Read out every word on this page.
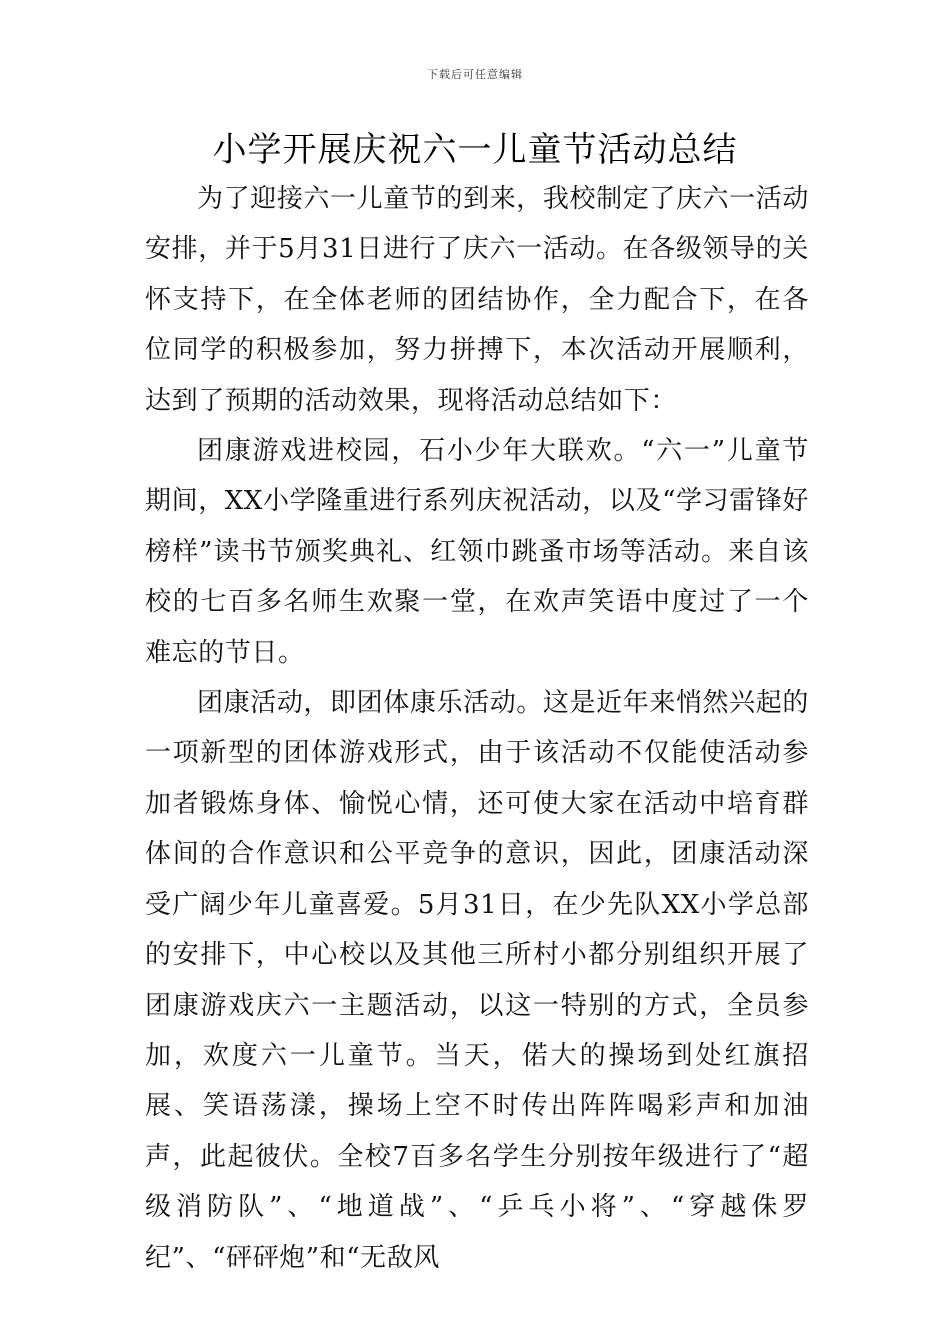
下载后可任意编辑
小学开展庆祝六一儿童节活动总结

为了迎接六一儿童节的到来，我校制定了庆六一活动安排，并于5月31日进行了庆六一活动。在各级领导的关怀支持下，在全体老师的团结协作，全力配合下，在各位同学的积极参加，努力拼搏下，本次活动开展顺利，达到了预期的活动效果，现将活动总结如下：

团康游戏进校园，石小少年大联欢。“六一”儿童节期间，XX小学隆重进行系列庆祝活动，以及“学习雷锋好榜样”读书节颁奖典礼、红领巾跳蚤市场等活动。来自该校的七百多名师生欢聚一堂，在欢声笑语中度过了一个难忘的节日。

团康活动，即团体康乐活动。这是近年来悄然兴起的一项新型的团体游戏形式，由于该活动不仅能使活动参加者锻炼身体、愉悦心情，还可使大家在活动中培育群体间的合作意识和公平竞争的意识，因此，团康活动深受广阔少年儿童喜爱。5月31日，在少先队XX小学总部的安排下，中心校以及其他三所村小都分别组织开展了团康游戏庆六一主题活动，以这一特别的方式，全员参加，欢度六一儿童节。当天，偌大的操场到处红旗招展、笑语荡漾，操场上空不时传出阵阵喝彩声和加油声，此起彼伏。全校7百多名学生分别按年级进行了“超级消防队”、“地道战”、“乒乓小将”、“穿越侏罗纪”、“砰砰炮”和“无敌风
